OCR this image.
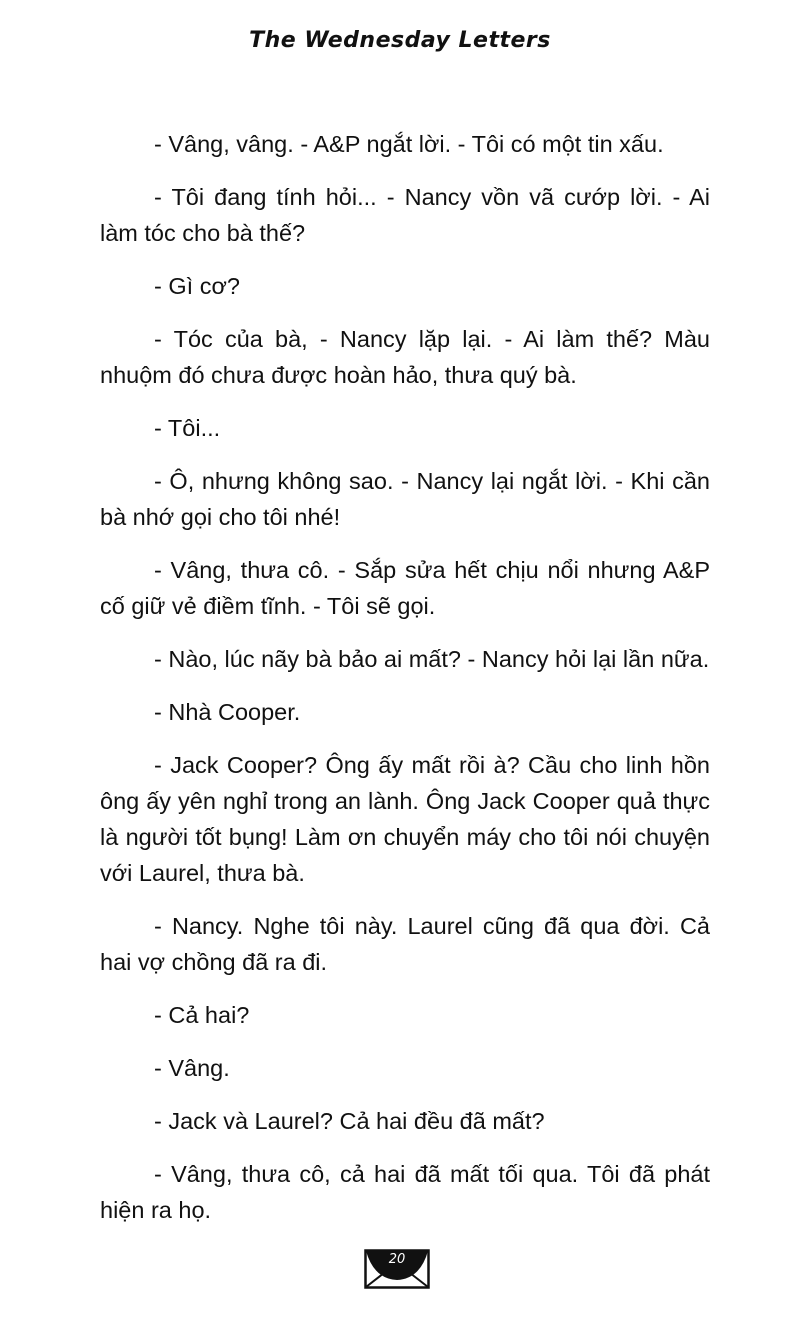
The Wednesday Letters

- Vâng, vâng. - A&P ngắt lời. - Tôi có một tin xấu.

- Tôi đang tính hỏi... - Nancy vồn vã cướp lời. - Ai làm tóc cho bà thế?

- Gì cơ?

- Tóc của bà, - Nancy lặp lại. - Ai làm thế? Màu nhuộm đó chưa được hoàn hảo, thưa quý bà.

- Tôi...

- Ô, nhưng không sao. - Nancy lại ngắt lời. - Khi cần bà nhớ gọi cho tôi nhé!

- Vâng, thưa cô. - Sắp sửa hết chịu nổi nhưng A&P cố giữ vẻ điềm tĩnh. - Tôi sẽ gọi.

- Nào, lúc nãy bà bảo ai mất? - Nancy hỏi lại lần nữa.

- Nhà Cooper.

- Jack Cooper? Ông ấy mất rồi à? Cầu cho linh hồn ông ấy yên nghỉ trong an lành. Ông Jack Cooper quả thực là người tốt bụng! Làm ơn chuyển máy cho tôi nói chuyện với Laurel, thưa bà.

- Nancy. Nghe tôi này. Laurel cũng đã qua đời. Cả hai vợ chồng đã ra đi.

- Cả hai?

- Vâng.

- Jack và Laurel? Cả hai đều đã mất?

- Vâng, thưa cô, cả hai đã mất tối qua. Tôi đã phát hiện ra họ.

20
